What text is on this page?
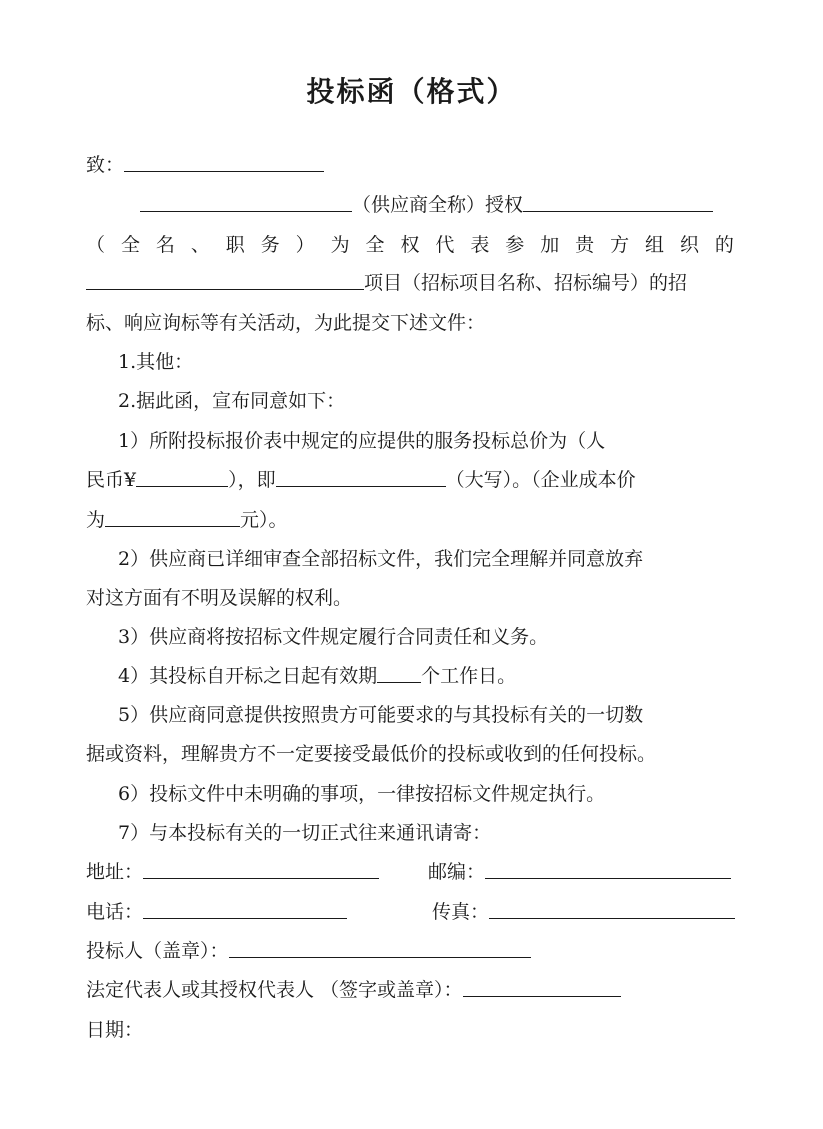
投标函（格式）
致：
（供应商全称）授权
（ 全 名 、 职 务 ） 为 全 权 代 表 参 加 贵 方 组 织 的
项目（招标项目名称、招标编号）的招
标、响应询标等有关活动，为此提交下述文件：
1.其他：
2.据此函，宣布同意如下：
1）所附投标报价表中规定的应提供的服务投标总价为（人
民币¥	），即	（大写）。（企业成本价
为	元）。
2）供应商已详细审查全部招标文件，我们完全理解并同意放弃
对这方面有不明及误解的权利。
3）供应商将按招标文件规定履行合同责任和义务。
4）其投标自开标之日起有效期 个工作日。
5）供应商同意提供按照贵方可能要求的与其投标有关的一切数
据或资料，理解贵方不一定要接受最低价的投标或收到的任何投标。
6）投标文件中未明确的事项，一律按招标文件规定执行。
7）与本投标有关的一切正式往来通讯请寄：
地址：	邮编：
电话：	传真：
投标人（盖章）：
法定代表人或其授权代表人 （签字或盖章）：
日期：
